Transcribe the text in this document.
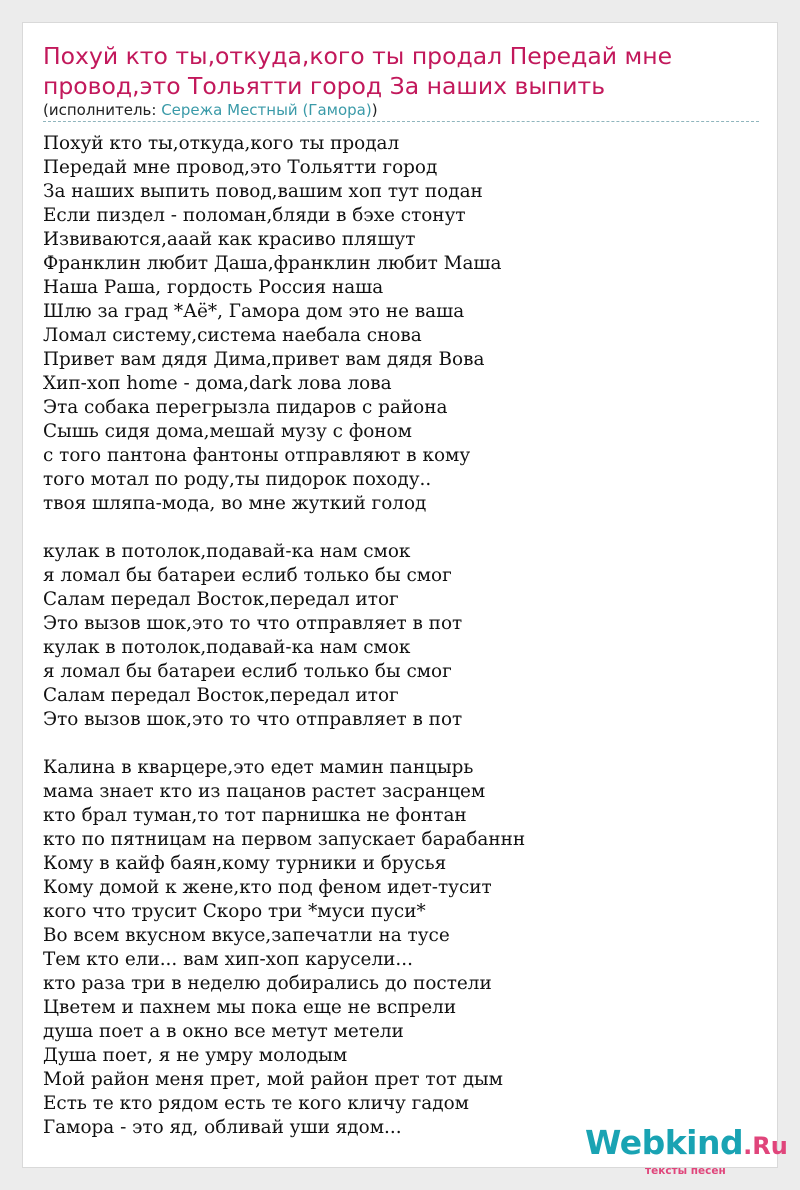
Похуй кто ты,откуда,кого ты продал Передай мне провод,это Тольятти город За наших выпить
(исполнитель: Сережа Местный (Гамора))
Похуй кто ты,откуда,кого ты продал
Передай мне провод,это Тольятти город
За наших выпить повод,вашим хоп тут подан
Если пиздел - поломан,бляди в бэхе стонут
Извиваются,aaaй как красиво пляшут
Франклин любит Даша,франклин любит Маша
Наша Раша, гордость Россия наша
Шлю за град *Аё*, Гамора дом это не ваша
Ломал систему,система наебала снова
Привет вам дядя Дима,привет вам дядя Вова
Хип-хоп home - дома,dark лова лова
Эта собака перегрызла пидаров с района
Сышь сидя дома,мешай музу с фоном
с того пантона фантоны отправляют в кому
того мотал по роду,ты пидорок походу..
твоя шляпа-мода, во мне жуткий голод
кулак в потолок,подавай-ка нам смок
я ломал бы батареи еслиб только бы смог
Салам передал Восток,передал итог
Это вызов шок,это то что отправляет в пот
кулак в потолок,подавай-ка нам смок
я ломал бы батареи еслиб только бы смог
Салам передал Восток,передал итог
Это вызов шок,это то что отправляет в пот
Калина в кварцере,это едет мамин панцырь
мама знает кто из пацанов растет засранцем
кто брал туман,то тот парнишка не фонтан
кто по пятницам на первом запускает барабаннн
Кому в кайф баян,кому турники и брусья
Кому домой к жене,кто под феном идет-тусит
кого что трусит Скоро три *муси пуси*
Во всем вкусном вкусе,запечатли на тусе
Тем кто ели... вам хип-хоп карусели...
кто раза три в неделю добирались до постели
Цветем и пахнем мы пока еще не вспрели
душа поет а в окно все метут метели
Душа поет, я не умру молодым
Мой район меня прет, мой район прет тот дым
Есть те кто рядом есть те кого кличу гадом
Гамора - это яд, обливай уши ядом...	Webkind.Ru
тексты песен
